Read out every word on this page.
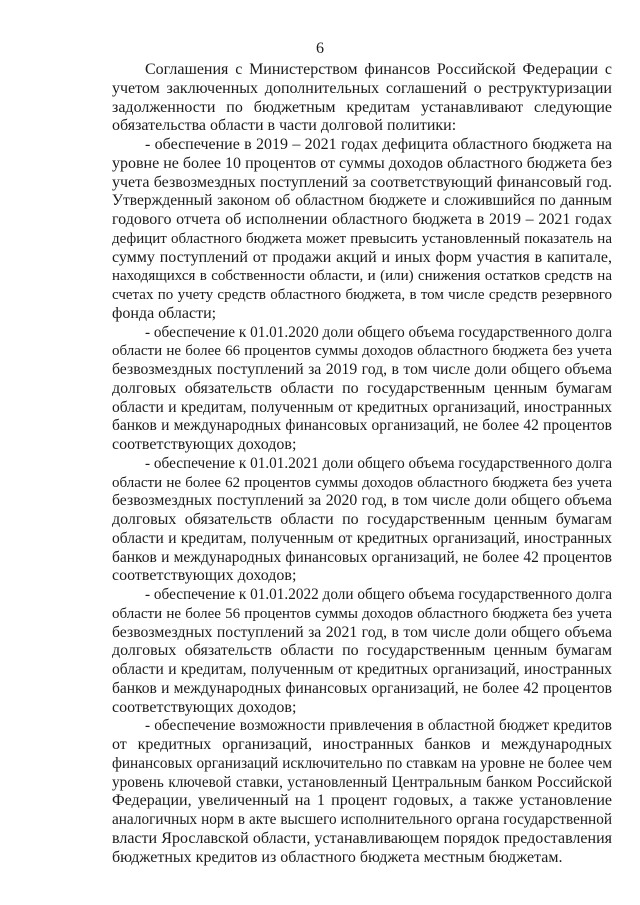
6
Соглашения с Министерством финансов Российской Федерации с
учетом заключенных дополнительных соглашений о реструктуризации
задолженности по бюджетным кредитам устанавливают следующие
обязательства области в части долговой политики:
- обеспечение в 2019 – 2021 годах дефицита областного бюджета на
уровне не более 10 процентов от суммы доходов областного бюджета без
учета безвозмездных поступлений за соответствующий финансовый год.
Утвержденный законом об областном бюджете и сложившийся по данным
годового отчета об исполнении областного бюджета в 2019 – 2021 годах
дефицит областного бюджета может превысить установленный показатель на
сумму поступлений от продажи акций и иных форм участия в капитале,
находящихся в собственности области, и (или) снижения остатков средств на
счетах по учету средств областного бюджета, в том числе средств резервного
фонда области;
- обеспечение к 01.01.2020 доли общего объема государственного долга
области не более 66 процентов суммы доходов областного бюджета без учета
безвозмездных поступлений за 2019 год, в том числе доли общего объема
долговых обязательств области по государственным ценным бумагам
области и кредитам, полученным от кредитных организаций, иностранных
банков и международных финансовых организаций, не более 42 процентов
соответствующих доходов;
- обеспечение к 01.01.2021 доли общего объема государственного долга
области не более 62 процентов суммы доходов областного бюджета без учета
безвозмездных поступлений за 2020 год, в том числе доли общего объема
долговых обязательств области по государственным ценным бумагам
области и кредитам, полученным от кредитных организаций, иностранных
банков и международных финансовых организаций, не более 42 процентов
соответствующих доходов;
- обеспечение к 01.01.2022 доли общего объема государственного долга
области не более 56 процентов суммы доходов областного бюджета без учета
безвозмездных поступлений за 2021 год, в том числе доли общего объема
долговых обязательств области по государственным ценным бумагам
области и кредитам, полученным от кредитных организаций, иностранных
банков и международных финансовых организаций, не более 42 процентов
соответствующих доходов;
- обеспечение возможности привлечения в областной бюджет кредитов
от кредитных организаций, иностранных банков и международных
финансовых организаций исключительно по ставкам на уровне не более чем
уровень ключевой ставки, установленный Центральным банком Российской
Федерации, увеличенный на 1 процент годовых, а также установление
аналогичных норм в акте высшего исполнительного органа государственной
власти Ярославской области, устанавливающем порядок предоставления
бюджетных кредитов из областного бюджета местным бюджетам.
